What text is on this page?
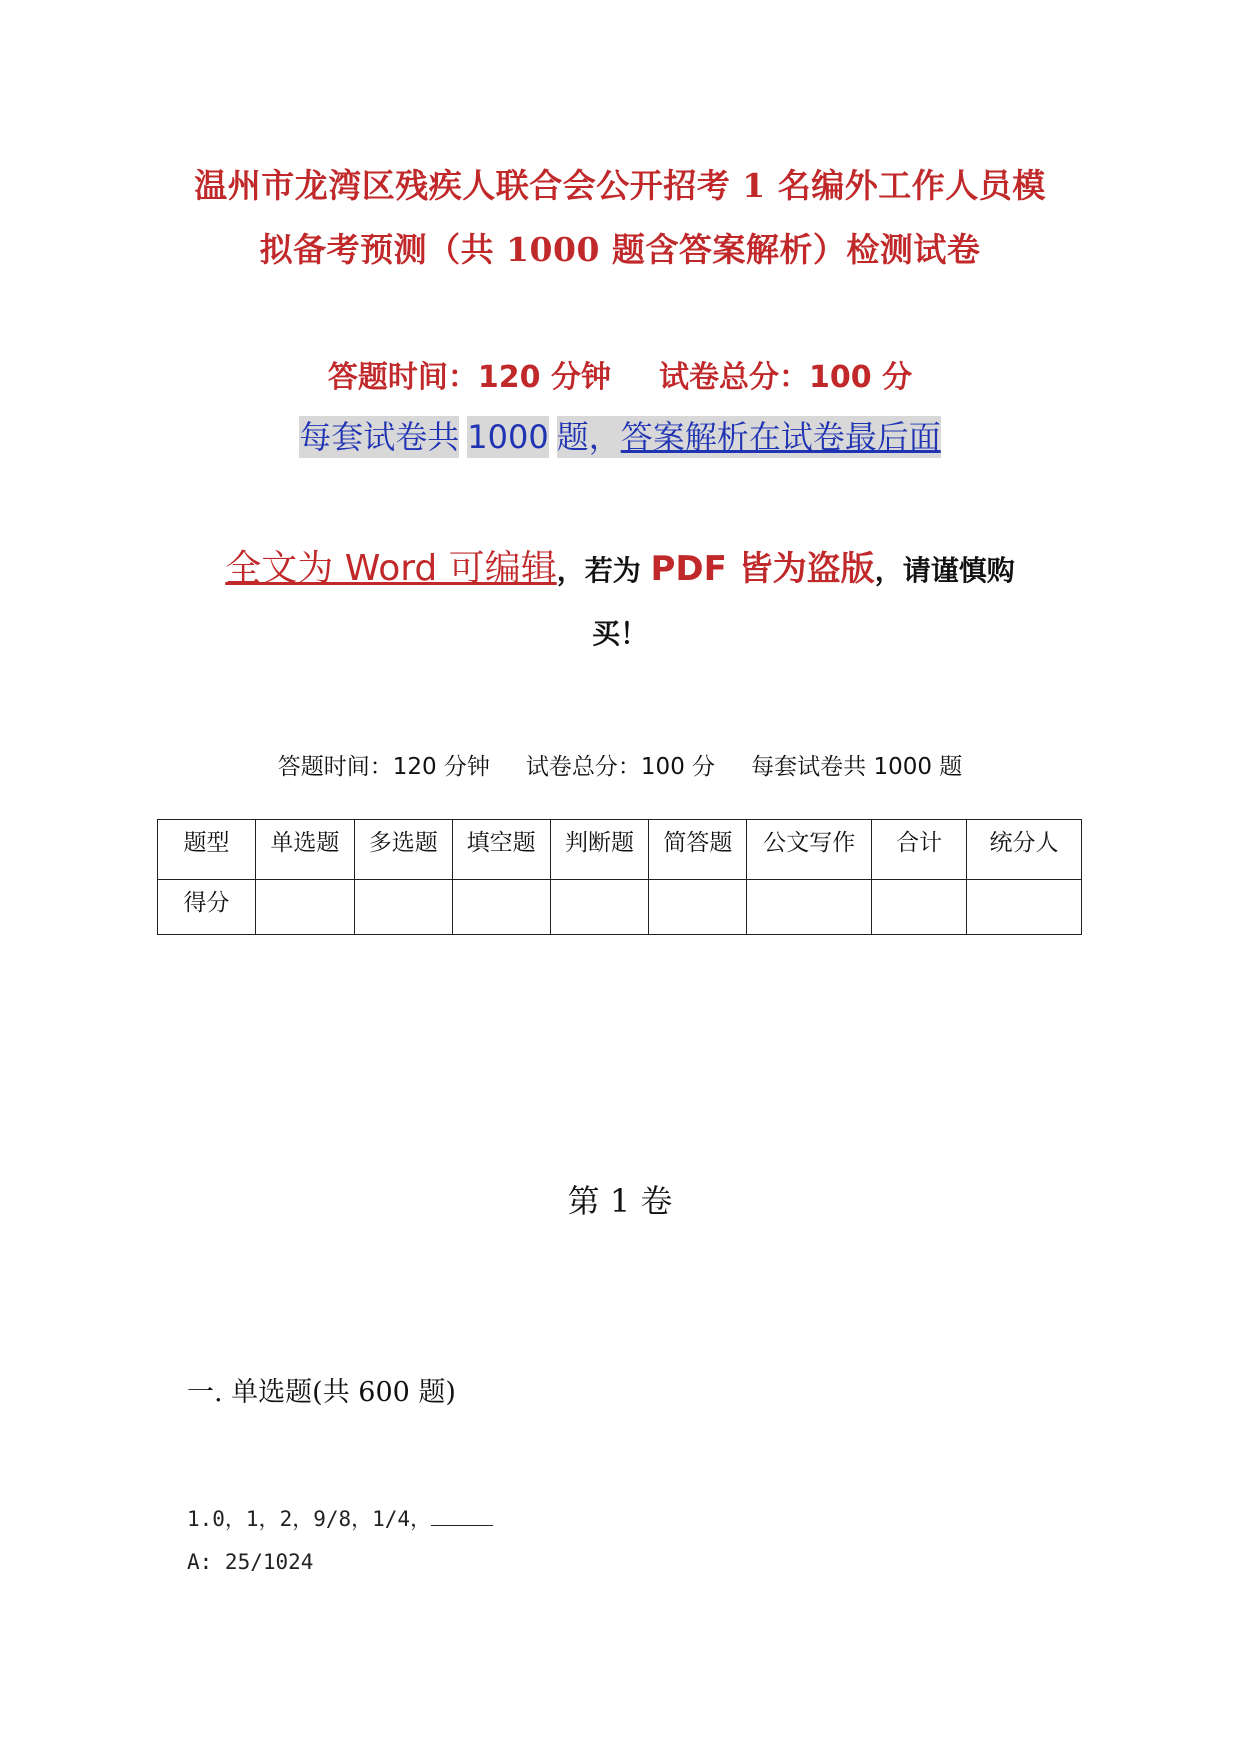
温州市龙湾区残疾人联合会公开招考 1 名编外工作人员模
拟备考预测（共 1000 题含答案解析）检测试卷
答题时间：120 分钟 试卷总分：100 分
每套试卷共 1000 题，答案解析在试卷最后面
全文为 Word 可编辑，若为 PDF 皆为盗版，请谨慎购
买！
答题时间：120 分钟 试卷总分：100 分 每套试卷共 1000 题
题型	单选题	多选题	填空题	判断题	简答题	公文写作	合计	统分人
得分								
第 1 卷
一. 单选题(共 600 题)
1.0，1，2，9/8，1/4，
A: 25/1024
